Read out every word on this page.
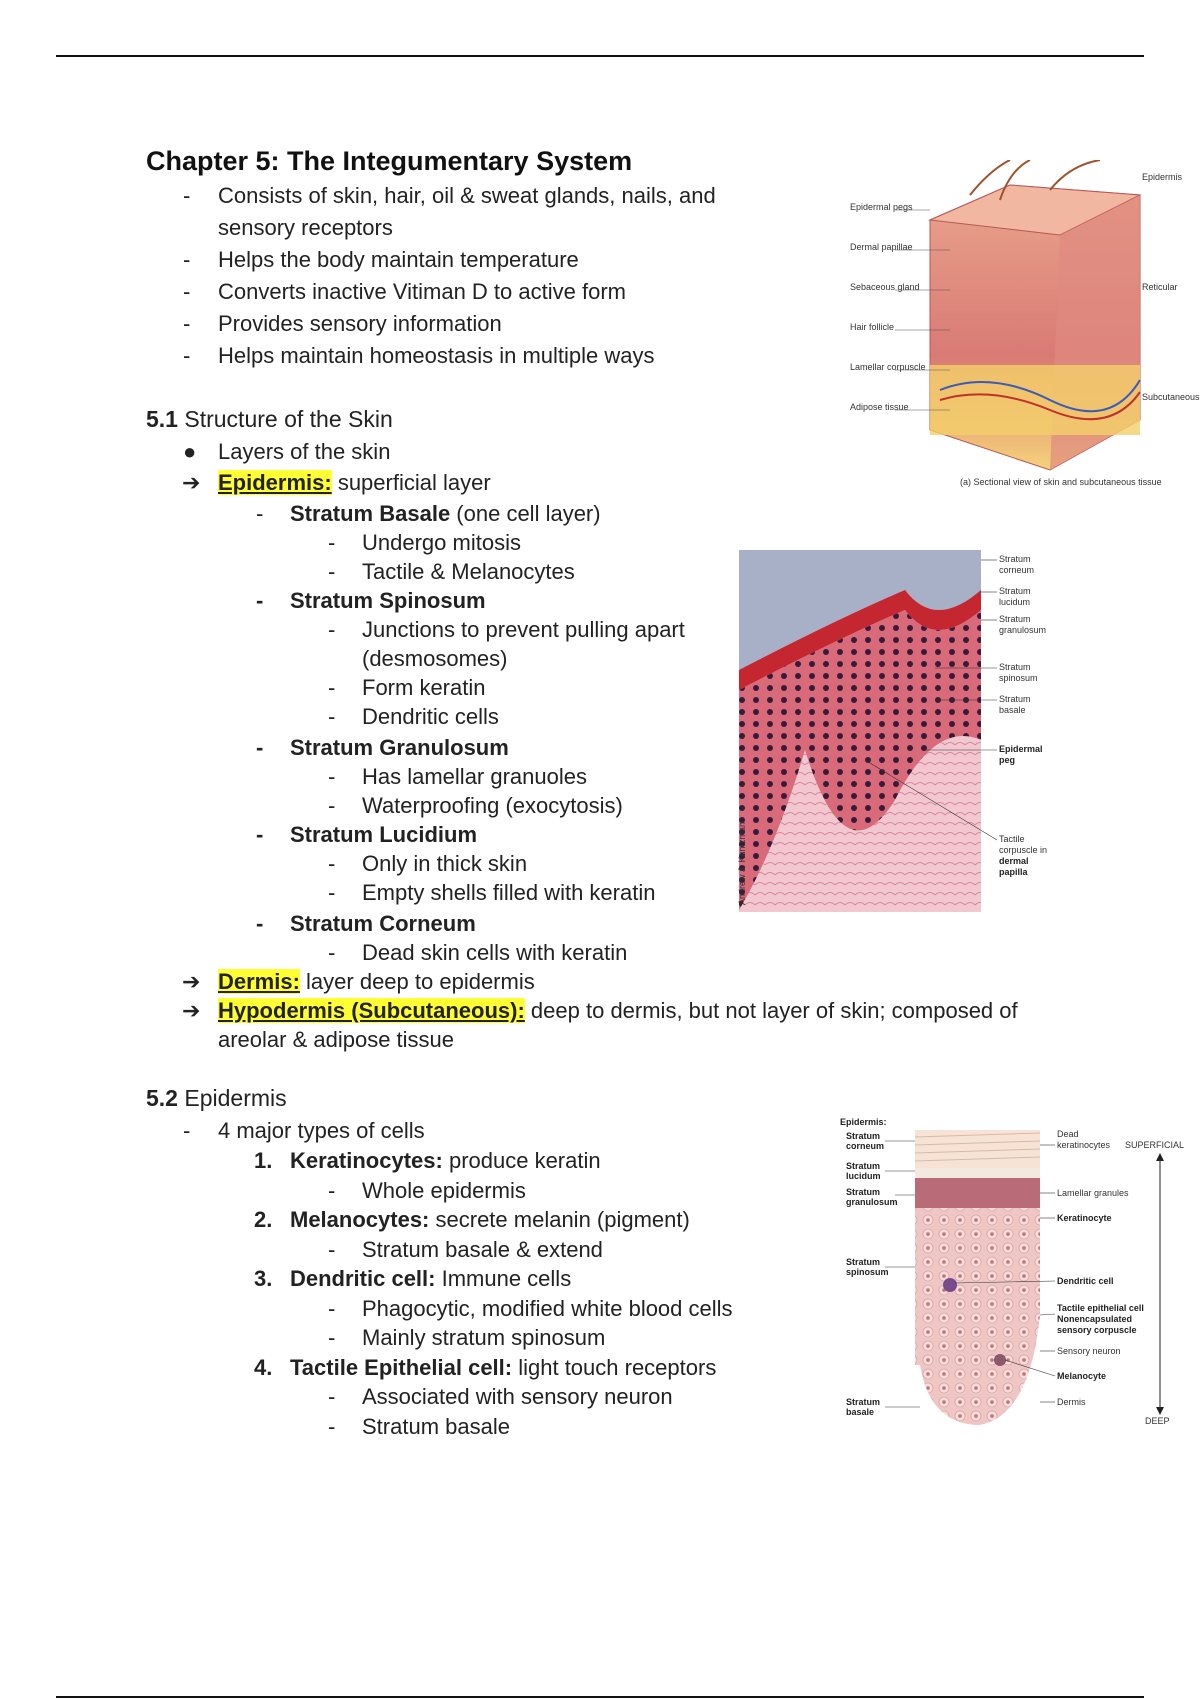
Chapter 5: The Integumentary System
- Consists of skin, hair, oil & sweat glands, nails, and
sensory receptors
- Helps the body maintain temperature
- Converts inactive Vitiman D to active form
- Provides sensory information
- Helps maintain homeostasis in multiple ways
5.1 Structure of the Skin
● Layers of the skin
➔ Epidermis: superficial layer
- Stratum Basale (one cell layer)
- Undergo mitosis
- Tactile & Melanocytes
- Stratum Spinosum
- Junctions to prevent pulling apart
(desmosomes)
- Form keratin
- Dendritic cells
- Stratum Granulosum
- Has lamellar granuoles
- Waterproofing (exocytosis)
- Stratum Lucidium
- Only in thick skin
- Empty shells filled with keratin
- Stratum Corneum
- Dead skin cells with keratin
➔ Dermis: layer deep to epidermis
➔ Hypodermis (Subcutaneous): deep to dermis, but not layer of skin; composed of
areolar & adipose tissue
5.2 Epidermis
- 4 major types of cells
1. Keratinocytes: produce keratin
- Whole epidermis
2. Melanocytes: secrete melanin (pigment)
- Stratum basale & extend
3. Dendritic cell: Immune cells
- Phagocytic, modified white blood cells
- Mainly stratum spinosum
4. Tactile Epithelial cell: light touch receptors
- Associated with sensory neuron
- Stratum basale
Epidermal pegs
Dermal papillae
Sebaceous gland
Hair follicle
Lamellar corpuscle
Adipose tissue
Epidermis
Reticular
Subcutaneous
(a) Sectional view of skin and subcutaneous tissue
Stratum
corneum
Stratum
lucidum
Stratum
granulosum
Stratum
spinosum
Stratum
basale
Epidermal
peg
Tactile
corpuscle in
dermal
papilla
Andrew J. Kuntzman
Epidermis:
Stratum
corneum
Stratum
lucidum
Stratum
granulosum
Stratum
spinosum
Stratum
basale
Dead
keratinocytes
Lamellar granules
Keratinocyte
Dendritic cell
Tactile epithelial cell
Nonencapsulated
sensory corpuscle
Sensory neuron
Melanocyte
Dermis
SUPERFICIAL
DEEP
